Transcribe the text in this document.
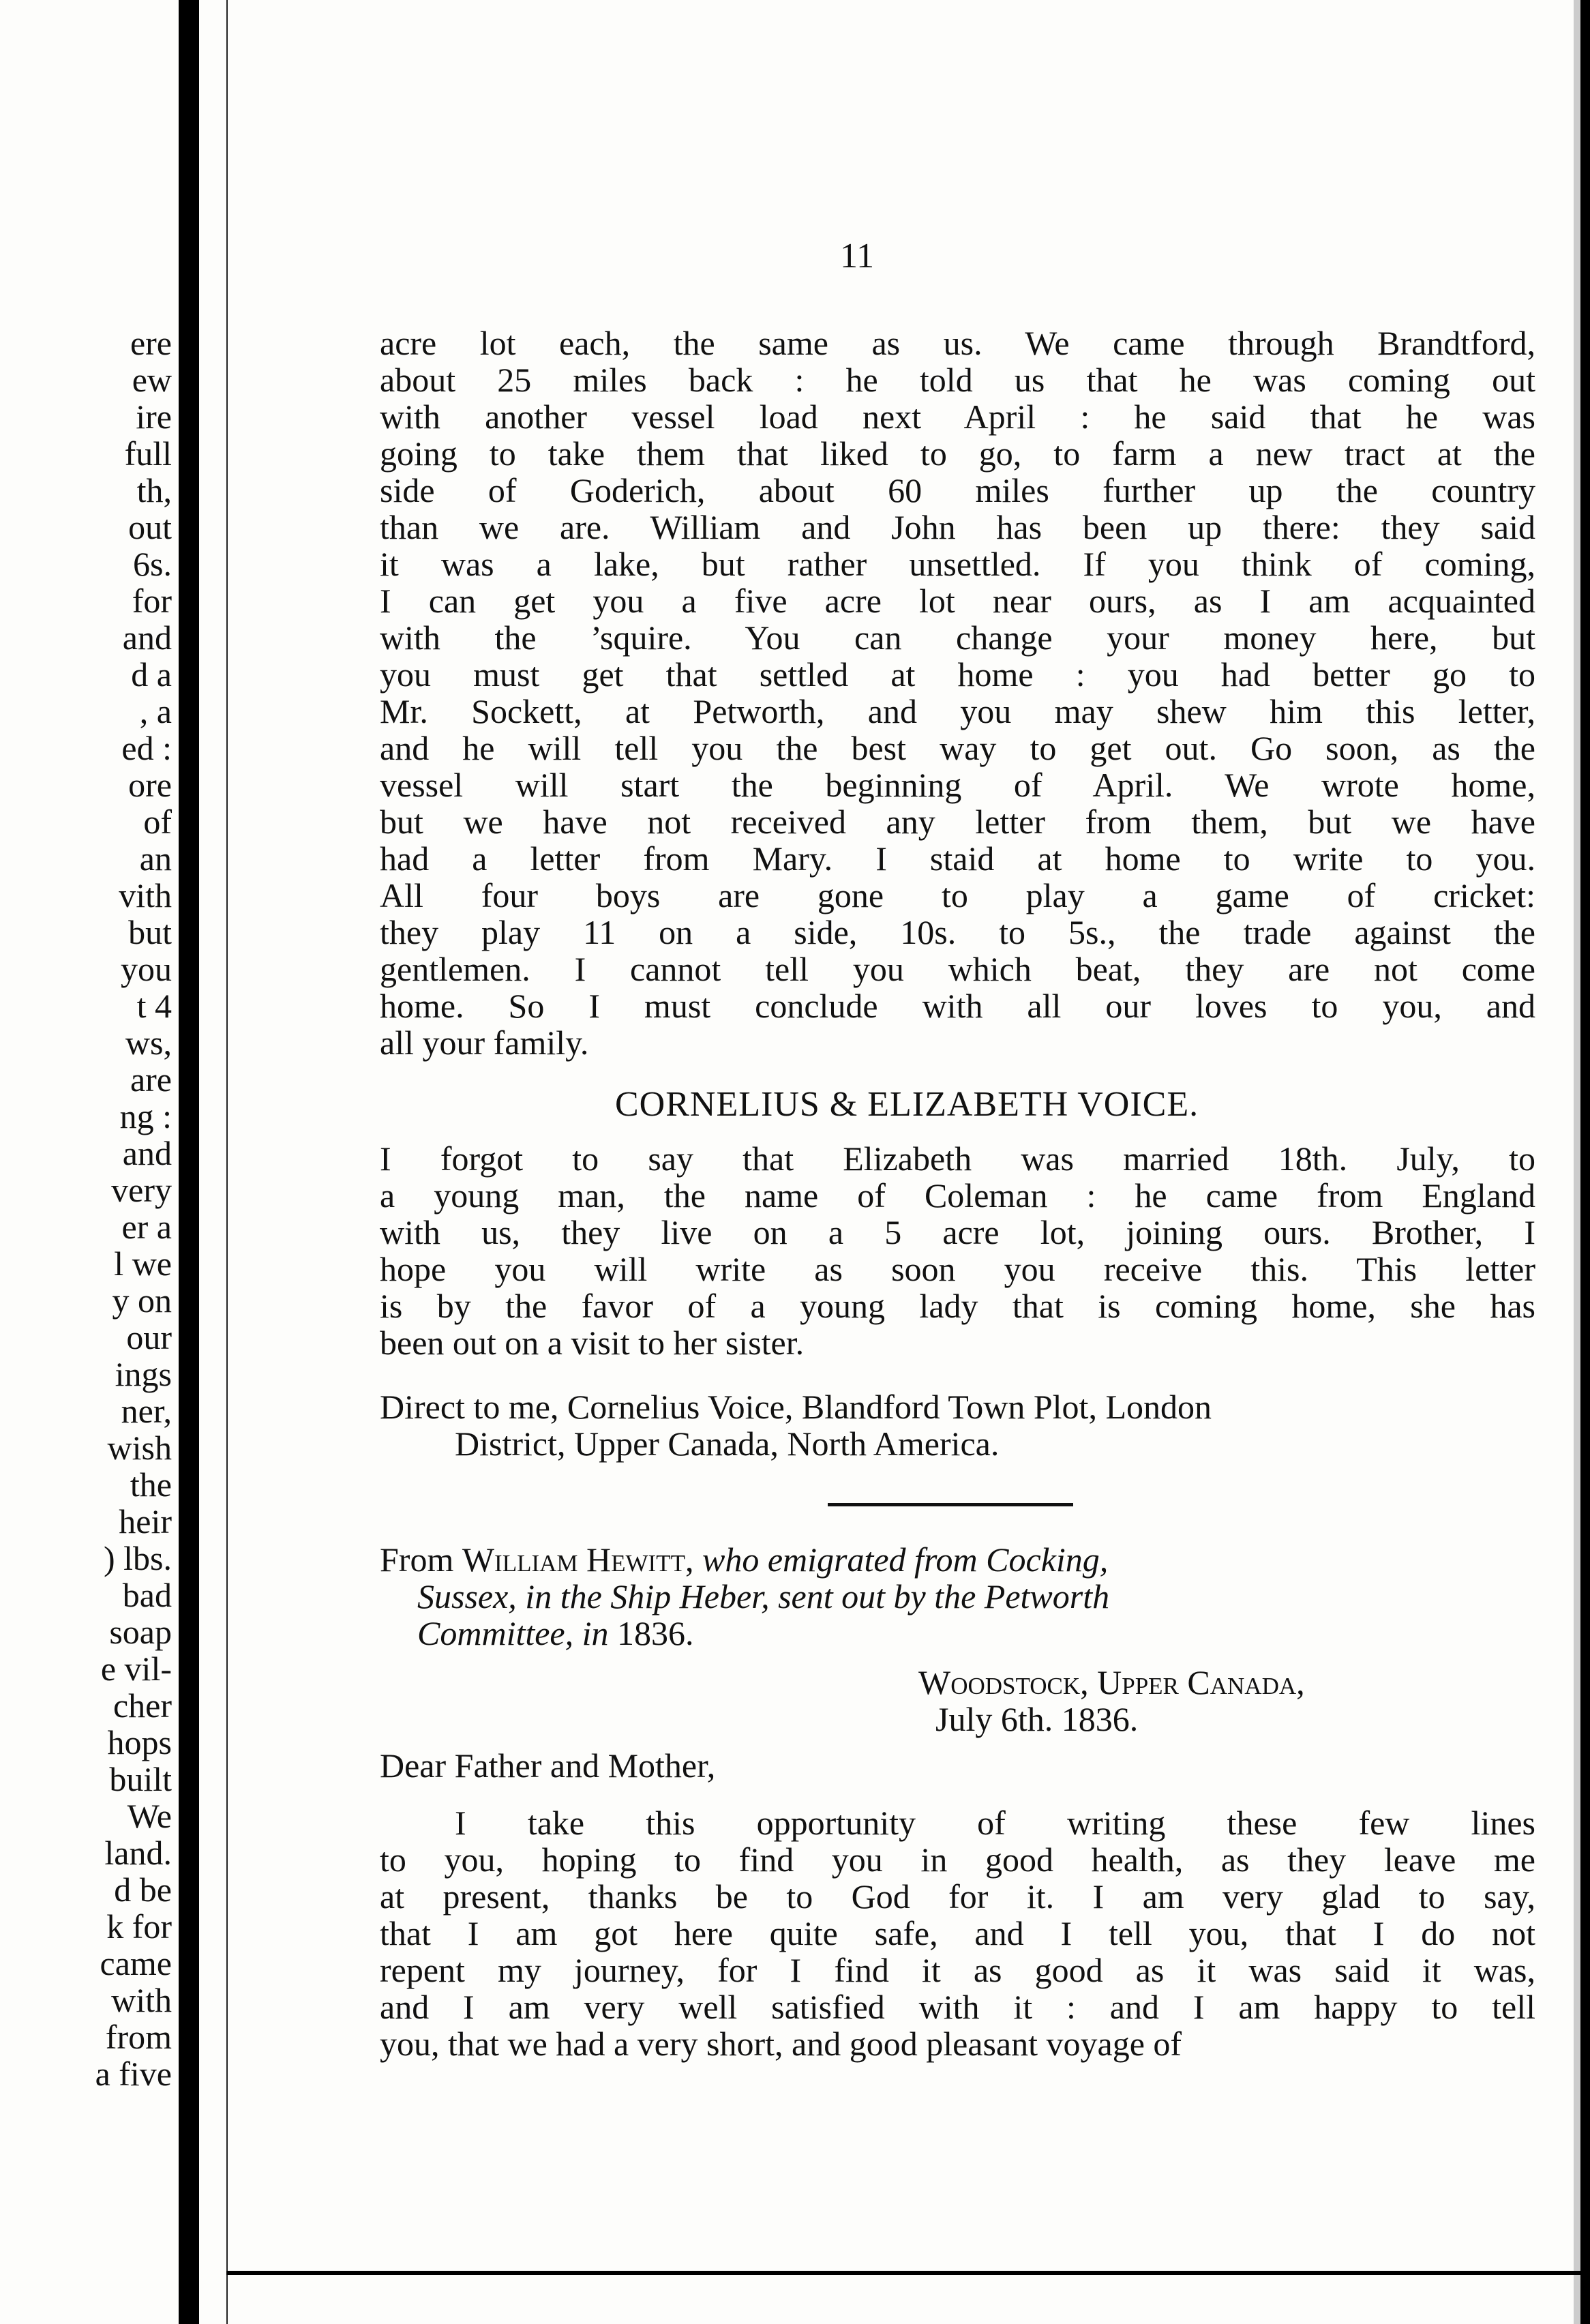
ere
ew
ire
full
th,
out
6s.
for
and
d a
, a
ed :
ore
of
an
vith
but
you
t 4
ws,
are
ng :
and
very
er a
l we
y on
our
ings
ner,
wish
the
heir
) lbs.
bad
soap
e vil-
cher
hops
built
We
land.
d be
k for
came
with
from
a five
11
acre lot each, the same as us. We came through Brandtford,
about 25 miles back : he told us that he was coming out
with another vessel load next April : he said that he was
going to take them that liked to go, to farm a new tract at the
side of Goderich, about 60 miles further up the country
than we are. William and John has been up there: they said
it was a lake, but rather unsettled. If you think of coming,
I can get you a five acre lot near ours, as I am acquainted
with the ’squire. You can change your money here, but
you must get that settled at home : you had better go to
Mr. Sockett, at Petworth, and you may shew him this letter,
and he will tell you the best way to get out. Go soon, as the
vessel will start the beginning of April. We wrote home,
but we have not received any letter from them, but we have
had a letter from Mary. I staid at home to write to you.
All four boys are gone to play a game of cricket:
they play 11 on a side, 10s. to 5s., the trade against the
gentlemen. I cannot tell you which beat, they are not come
home. So I must conclude with all our loves to you, and
all your family.
CORNELIUS & ELIZABETH VOICE.
I forgot to say that Elizabeth was married 18th. July, to
a young man, the name of Coleman : he came from England
with us, they live on a 5 acre lot, joining ours. Brother, I
hope you will write as soon you receive this. This letter
is by the favor of a young lady that is coming home, she has
been out on a visit to her sister.
Direct to me, Cornelius Voice, Blandford Town Plot, London
District, Upper Canada, North America.
From William Hewitt, who emigrated from Cocking,
Sussex, in the Ship Heber, sent out by the Petworth
Committee, in 1836.
Woodstock, Upper Canada,
July 6th. 1836.
Dear Father and Mother,
I take this opportunity of writing these few lines
to you, hoping to find you in good health, as they leave me
at present, thanks be to God for it. I am very glad to say,
that I am got here quite safe, and I tell you, that I do not
repent my journey, for I find it as good as it was said it was,
and I am very well satisfied with it : and I am happy to tell
you, that we had a very short, and good pleasant voyage of
